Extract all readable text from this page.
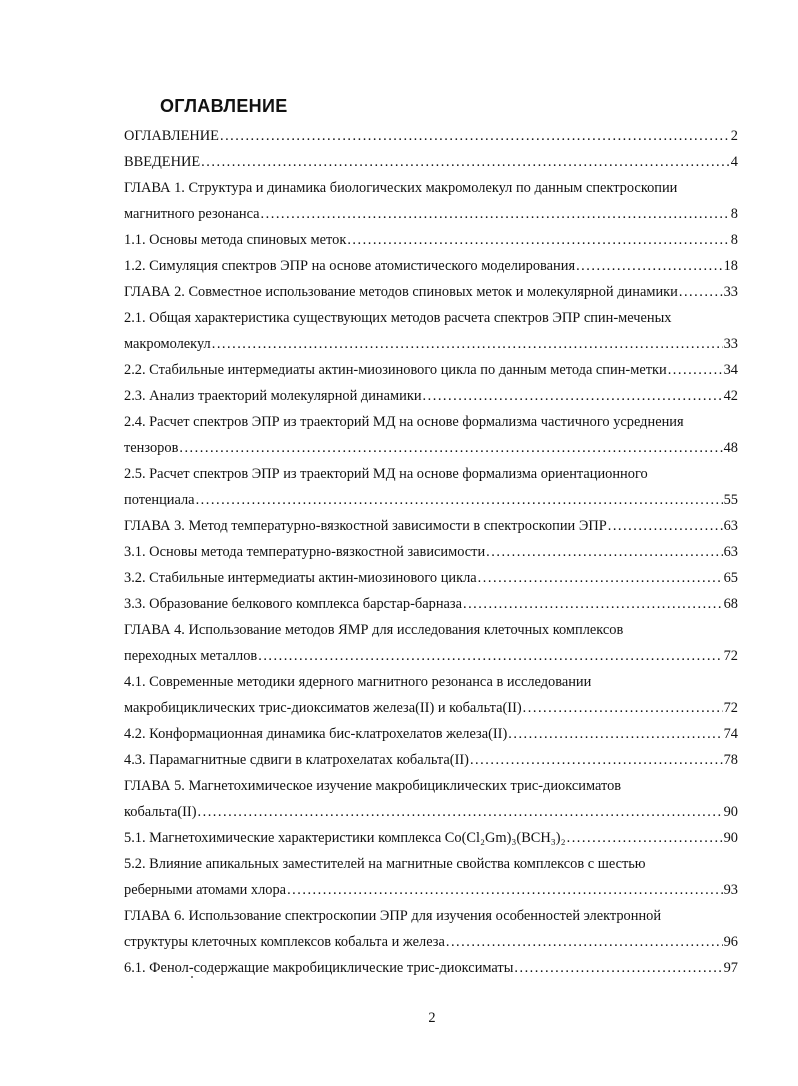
ОГЛАВЛЕНИЕ
ОГЛАВЛЕНИЕ .....	2
ВВЕДЕНИЕ .....	4
ГЛАВА 1. Структура и динамика биологических макромолекул по данным спектроскопии
магнитного резонанса .....	8
1.1. Основы метода спиновых меток .....	8
1.2. Симуляция спектров ЭПР на основе атомистического моделирования .....	18
ГЛАВА 2. Совместное использование методов спиновых меток и молекулярной динамики .....	33
2.1. Общая характеристика существующих методов расчета спектров ЭПР спин-меченых
макромолекул .....	33
2.2. Стабильные интермедиаты актин-миозинового цикла по данным метода спин-метки .....	34
2.3. Анализ траекторий молекулярной динамики .....	42
2.4. Расчет спектров ЭПР из траекторий МД на основе формализма частичного усреднения
тензоров .....	48
2.5. Расчет спектров ЭПР из траекторий МД на основе формализма ориентационного
потенциала .....	55
ГЛАВА 3. Метод температурно-вязкостной зависимости в спектроскопии ЭПР .....	63
3.1. Основы метода температурно-вязкостной зависимости .....	63
3.2. Стабильные интермедиаты актин-миозинового цикла .....	65
3.3. Образование белкового комплекса барстар-барназа .....	68
ГЛАВА 4. Использование методов ЯМР для исследования клеточных комплексов
переходных металлов .....	72
4.1. Современные методики ядерного магнитного резонанса в исследовании
макробициклических трис-диоксиматов железа(II) и кобальта(II) .....	72
4.2. Конформационная динамика бис-клатрохелатов железа(II) .....	74
4.3. Парамагнитные сдвиги в клатрохелатах кобальта(II) .....	78
ГЛАВА 5. Магнетохимическое изучение макробициклических трис-диоксиматов
кобальта(II) .....	90
5.1. Магнетохимические характеристики комплекса Co(Cl₂Gm)₃(BCH₃)₂ .....	90
5.2. Влияние апикальных заместителей на магнитные свойства комплексов с шестью
реберными атомами хлора .....	93
ГЛАВА 6. Использование спектроскопии ЭПР для изучения особенностей электронной
структуры клеточных комплексов кобальта и железа .....	96
6.1. Фенол-содержащие макробициклические трис-диоксиматы .....	97
2
